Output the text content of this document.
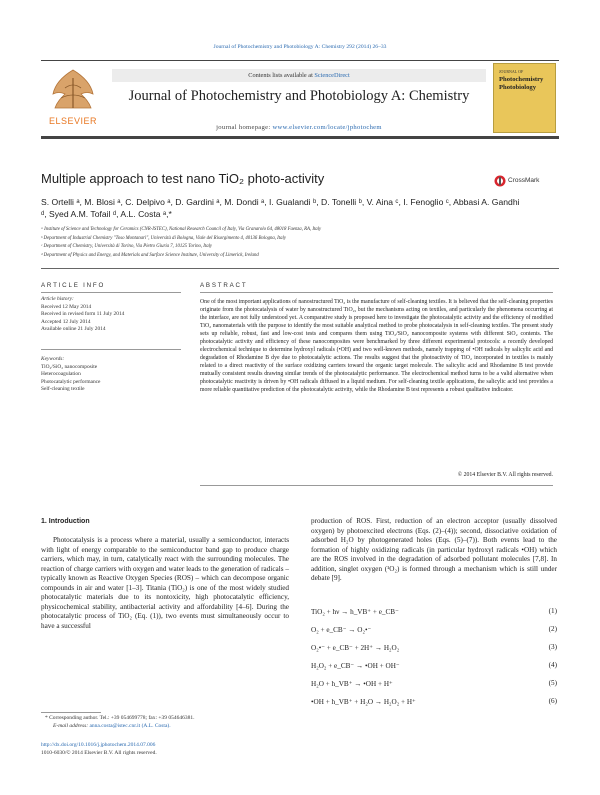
Journal of Photochemistry and Photobiology A: Chemistry 292 (2014) 26–33
ELSEVIER
Contents lists available at ScienceDirect
Journal of Photochemistry and Photobiology A: Chemistry
journal homepage: www.elsevier.com/locate/jphotochem
JOURNAL OF
Photochemistry Photobiology
Multiple approach to test nano TiO₂ photo-activity	CrossMark
S. Ortelli ᵃ, M. Blosi ᵃ, C. Delpivo ᵃ, D. Gardini ᵃ, M. Dondi ᵃ, I. Gualandi ᵇ, D. Tonelli ᵇ, V. Aina ᶜ, I. Fenoglio ᶜ, Abbasi A. Gandhi ᵈ, Syed A.M. Tofail ᵈ, A.L. Costa ᵃ,*
ᵃ Institute of Science and Technology for Ceramics (CNR-ISTEC), National Research Council of Italy, Via Granarolo 64, 48018 Faenza, RA, Italy
ᵇ Department of Industrial Chemistry "Toso Montanari", Università di Bologna, Viale del Risorgimento 4, 40136 Bologna, Italy
ᶜ Department of Chemistry, Università di Torino, Via Pietro Giuria 7, 10125 Torino, Italy
ᵈ Department of Physics and Energy, and Materials and Surface Science Institute, University of Limerick, Ireland
ARTICLE INFO
Article history:
Received 12 May 2014
Received in revised form 11 July 2014
Accepted 12 July 2014
Available online 21 July 2014
Keywords:
TiO₂/SiO₂ nanocomposite
Heterocoagulation
Photocatalytic performance
Self-cleaning textile
ABSTRACT
One of the most important applications of nanostructured TiO₂ is the manufacture of self-cleaning textiles. It is believed that the self-cleaning properties originate from the photocatalysis of water by nanostructured TiO₂, but the mechanisms acting on textiles, and particularly the phenomena occurring at the interface, are not fully understood yet. A comparative study is proposed here to investigate the photocatalytic activity and the efficiency of modified TiO₂ nanomaterials with the purpose to identify the most suitable analytical method to probe photocatalysis in self-cleaning textiles. The present study sets up reliable, robust, fast and low-cost tests and compares them using TiO₂/SiO₂ nanocomposite systems with different SiO₂ contents. The photocatalytic activity and efficiency of these nanocomposites were benchmarked by three different experimental protocols: a recently developed electrochemical technique to determine hydroxyl radicals (•OH) and two well-known methods, namely trapping of •OH radicals by salicylic acid and degradation of Rhodamine B dye due to photocatalytic actions. The results suggest that the photoactivity of TiO₂ incorporated in textiles is mainly related to a direct reactivity of the surface oxidizing carriers toward the organic target molecule. The salicylic acid and Rhodamine B test provide mutually consistent results drawing similar trends of the photocatalytic performance. The electrochemical method turns to be a valid alternative when photocatalytic reactivity is driven by •OH radicals diffused in a liquid medium. For self-cleaning textile applications, the salicylic acid test provides a more reliable quantitative prediction of the photocatalytic activity, while the Rhodamine B test represents a robust qualitative indicator.
© 2014 Elsevier B.V. All rights reserved.
1. Introduction
Photocatalysis is a process where a material, usually a semiconductor, interacts with light of energy comparable to the semiconductor band gap to produce charge carriers, which may, in turn, catalytically react with the surrounding molecules. The reaction of charge carriers with oxygen and water leads to the generation of radicals – typically known as Reactive Oxygen Species (ROS) – which can decompose organic compounds in air and water [1–3]. Titania (TiO₂) is one of the most widely studied photocatalytic materials due to its nontoxicity, high photocatalytic efficiency, physicochemical stability, antibacterial activity and affordability [4–6]. During the photocatalytic process of TiO₂ (Eq. (1)), two events must simultaneously occur to have a successful
production of ROS. First, reduction of an electron acceptor (usually dissolved oxygen) by photoexcited electrons (Eqs. (2)–(4)); second, dissociative oxidation of adsorbed H₂O by photogenerated holes (Eqs. (5)–(7)). Both events lead to the formation of highly oxidizing radicals (in particular hydroxyl radicals •OH) which are the ROS involved in the degradation of adsorbed pollutant molecules [7,8]. In addition, singlet oxygen (¹O₂) is formed through a mechanism which is still under debate [9].
TiO₂ + hν → h_VB⁺ + e_CB⁻	(1)
O₂ + e_CB⁻ → O₂•⁻	(2)
O₂•⁻ + e_CB⁻ + 2H⁺ → H₂O₂	(3)
H₂O₂ + e_CB⁻ → •OH + OH⁻	(4)
H₂O + h_VB⁺ → •OH + H⁺	(5)
•OH + h_VB⁺ + H₂O → H₂O₂ + H⁺	(6)
* Corresponding author. Tel.: +39 054699778; fax: +39 054646381.
E-mail address: anna.costa@istec.cnr.it (A.L. Costa).
http://dx.doi.org/10.1016/j.jphotochem.2014.07.006
1010-6030/© 2014 Elsevier B.V. All rights reserved.
